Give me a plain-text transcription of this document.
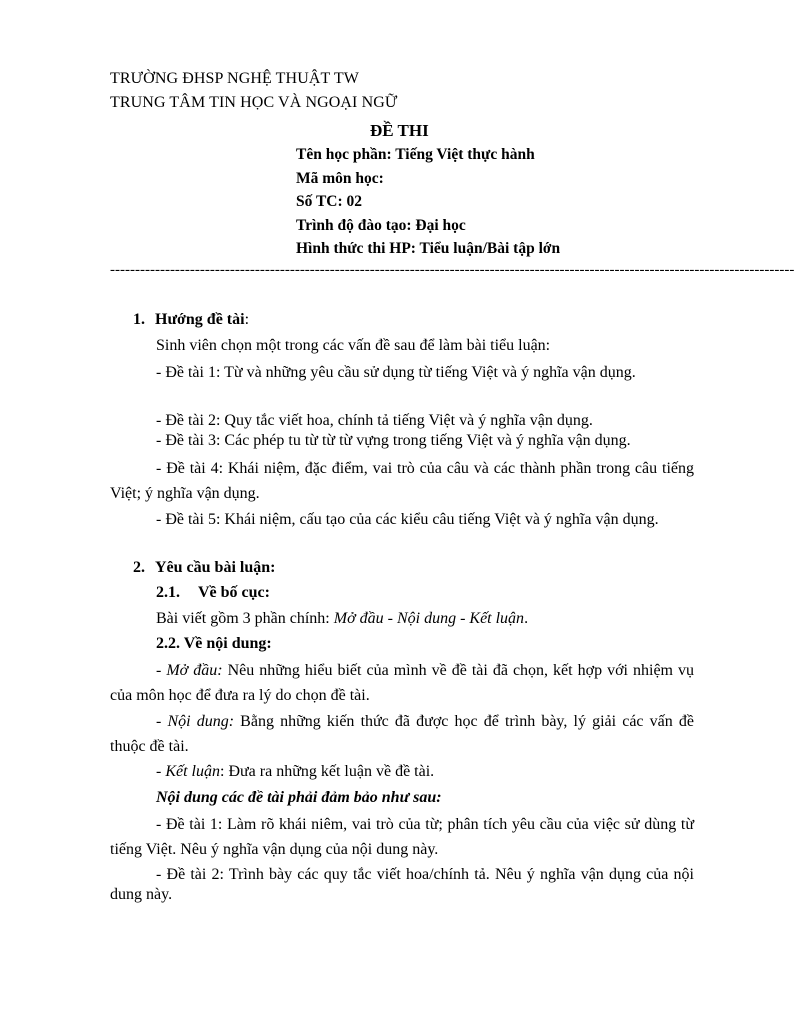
TRƯỜNG ĐHSP NGHỆ THUẬT TW
TRUNG TÂM TIN HỌC VÀ NGOẠI NGỮ
ĐỀ THI
Tên học phần: Tiếng Việt thực hành
Mã môn học:
Số TC: 02
Trình độ đào tạo: Đại học
Hình thức thi HP: Tiểu luận/Bài tập lớn
-----------------------------------------------------------------------------------------------------------------------------------------
1. Hướng đề tài:
Sinh viên chọn một trong các vấn đề sau để làm bài tiểu luận:
- Đề tài 1: Từ và những yêu cầu sử dụng từ tiếng Việt và ý nghĩa vận dụng.
- Đề tài 2: Quy tắc viết hoa, chính tả tiếng Việt và ý nghĩa vận dụng.
- Đề tài 3: Các phép tu từ từ từ vựng trong tiếng Việt và ý nghĩa vận dụng.
- Đề tài 4: Khái niệm, đặc điểm, vai trò của câu và các thành phần trong câu tiếng Việt; ý nghĩa vận dụng.
- Đề tài 5: Khái niệm, cấu tạo của các kiểu câu tiếng Việt và ý nghĩa vận dụng.
2. Yêu cầu bài luận:
2.1. Về bố cục:
Bài viết gồm 3 phần chính: Mở đầu - Nội dung - Kết luận.
2.2. Về nội dung:
- Mở đầu: Nêu những hiểu biết của mình về đề tài đã chọn, kết hợp với nhiệm vụ của môn học để đưa ra lý do chọn đề tài.
- Nội dung: Bằng những kiến thức đã được học để trình bày, lý giải các vấn đề thuộc đề tài.
- Kết luận: Đưa ra những kết luận về đề tài.
Nội dung các đề tài phải đảm bảo như sau:
- Đề tài 1: Làm rõ khái niêm, vai trò của từ; phân tích yêu cầu của việc sử dùng từ tiếng Việt. Nêu ý nghĩa vận dụng của nội dung này.
- Đề tài 2: Trình bày các quy tắc viết hoa/chính tả. Nêu ý nghĩa vận dụng của nội dung này.
